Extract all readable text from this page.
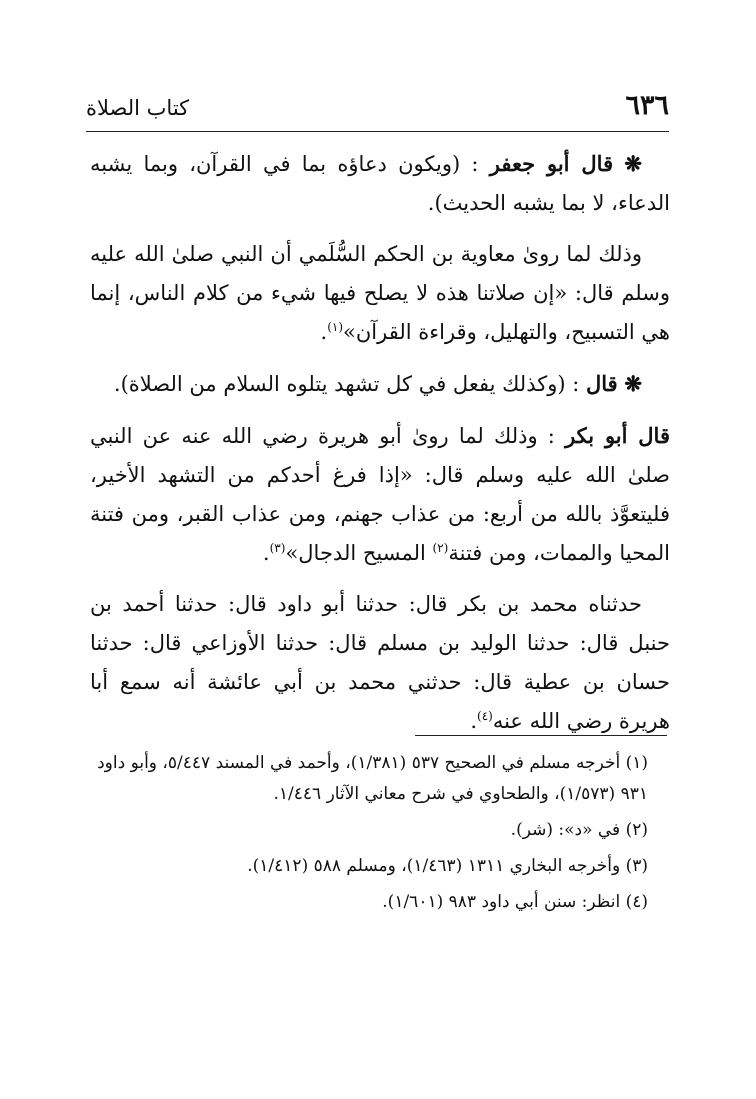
٦٣٦
كتاب الصلاة

❋ قال أبو جعفر : (ويكون دعاؤه بما في القرآن، وبما يشبه الدعاء، لا بما يشبه الحديث).

وذلك لما روىٰ معاوية بن الحكم السُّلَمي أن النبي صلىٰ الله عليه وسلم قال: «إن صلاتنا هذه لا يصلح فيها شيء من كلام الناس، إنما هي التسبيح، والتهليل، وقراءة القرآن»$^{(١)}$.

❋ قال : (وكذلك يفعل في كل تشهد يتلوه السلام من الصلاة).

قال أبو بكر : وذلك لما روىٰ أبو هريرة رضي الله عنه عن النبي صلىٰ الله عليه وسلم قال: «إذا فرغ أحدكم من التشهد الأخير، فليتعوَّذ بالله من أربع: من عذاب جهنم، ومن عذاب القبر، ومن فتنة المحيا والممات، ومن فتنة$^{(٢)}$ المسيح الدجال»$^{(٣)}$.

حدثناه محمد بن بكر قال: حدثنا أبو داود قال: حدثنا أحمد بن حنبل قال: حدثنا الوليد بن مسلم قال: حدثنا الأوزاعي قال: حدثنا حسان بن عطية قال: حدثني محمد بن أبي عائشة أنه سمع أبا هريرة رضي الله عنه$^{(٤)}$.

(١) أخرجه مسلم في الصحيح ٥٣٧ (١/٣٨١)، وأحمد في المسند ٥/٤٤٧، وأبو داود ٩٣١ (١/٥٧٣)، والطحاوي في شرح معاني الآثار ١/٤٤٦.

(٢) في «د»: (شر).

(٣) وأخرجه البخاري ١٣١١ (١/٤٦٣)، ومسلم ٥٨٨ (١/٤١٢).

(٤) انظر: سنن أبي داود ٩٨٣ (١/٦٠١).
